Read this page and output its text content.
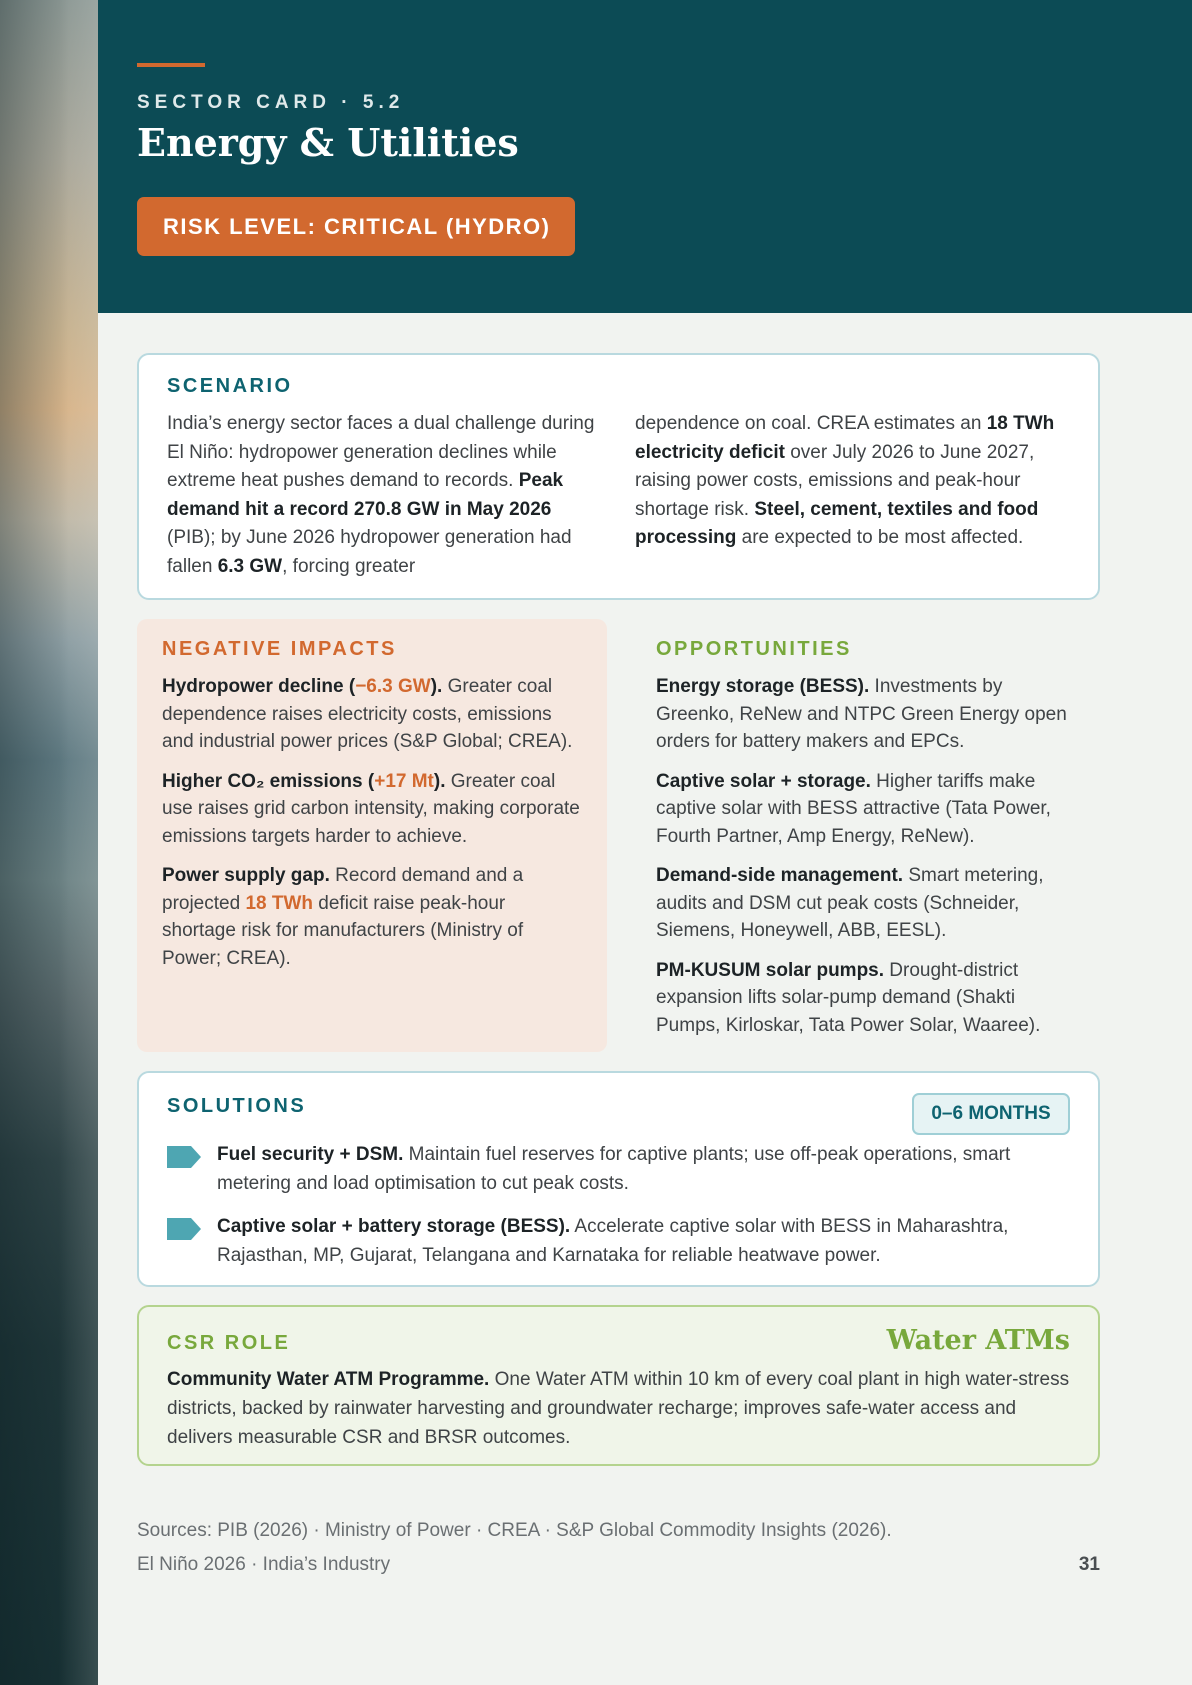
SECTOR CARD · 5.2
Energy & Utilities
RISK LEVEL: CRITICAL (HYDRO)
SCENARIO

India’s energy sector faces a dual challenge during El Niño: hydropower generation declines while extreme heat pushes demand to records. Peak demand hit a record 270.8 GW in May 2026 (PIB); by June 2026 hydropower generation had fallen 6.3 GW, forcing greater

dependence on coal. CREA estimates an 18 TWh electricity deficit over July 2026 to June 2027, raising power costs, emissions and peak-hour shortage risk. Steel, cement, textiles and food processing are expected to be most affected.

NEGATIVE IMPACTS

Hydropower decline (−6.3 GW). Greater coal dependence raises electricity costs, emissions and industrial power prices (S&P Global; CREA).

Higher CO₂ emissions (+17 Mt). Greater coal use raises grid carbon intensity, making corporate emissions targets harder to achieve.

Power supply gap. Record demand and a projected 18 TWh deficit raise peak-hour shortage risk for manufacturers (Ministry of Power; CREA).

OPPORTUNITIES

Energy storage (BESS). Investments by Greenko, ReNew and NTPC Green Energy open orders for battery makers and EPCs.

Captive solar + storage. Higher tariffs make captive solar with BESS attractive (Tata Power, Fourth Partner, Amp Energy, ReNew).

Demand-side management. Smart metering, audits and DSM cut peak costs (Schneider, Siemens, Honeywell, ABB, EESL).

PM-KUSUM solar pumps. Drought-district expansion lifts solar-pump demand (Shakti Pumps, Kirloskar, Tata Power Solar, Waaree).

SOLUTIONS	0–6 MONTHS
Fuel security + DSM. Maintain fuel reserves for captive plants; use off-peak operations, smart metering and load optimisation to cut peak costs.
Captive solar + battery storage (BESS). Accelerate captive solar with BESS in Maharashtra, Rajasthan, MP, Gujarat, Telangana and Karnataka for reliable heatwave power.
CSR ROLE	Water ATMs
Community Water ATM Programme. One Water ATM within 10 km of every coal plant in high water-stress districts, backed by rainwater harvesting and groundwater recharge; improves safe-water access and delivers measurable CSR and BRSR outcomes.
Sources: PIB (2026) · Ministry of Power · CREA · S&P Global Commodity Insights (2026).
El Niño 2026 · India’s Industry	31
